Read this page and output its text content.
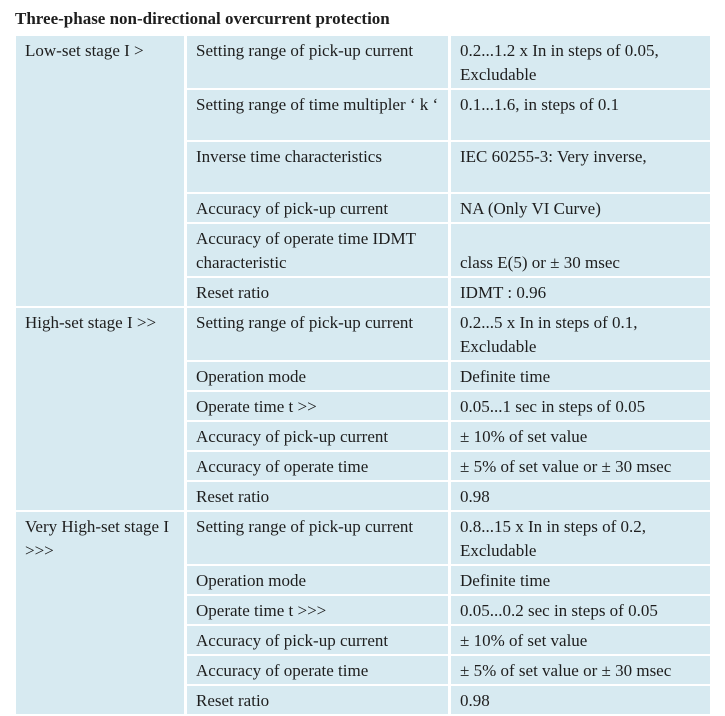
Three-phase non-directional overcurrent protection
Low-set stage I >	Setting range of pick-up current	0.2...1.2 x In in steps of 0.05, Excludable
	Setting range of time multipler ‘ k ‘	0.1...1.6, in steps of 0.1
	Inverse time characteristics	IEC 60255-3: Very inverse,
	Accuracy of pick-up current	NA (Only VI Curve)
	Accuracy of operate time IDMT characteristic	class E(5) or ± 30 msec
	Reset ratio	IDMT : 0.96
High-set stage I >>	Setting range of pick-up current	0.2...5 x In in steps of 0.1, Excludable
	Operation mode	Definite time
	Operate time t >>	0.05...1 sec in steps of 0.05
	Accuracy of pick-up current	± 10% of set value
	Accuracy of operate time	± 5% of set value or ± 30 msec
	Reset ratio	0.98
Very High-set stage I >>>	Setting range of pick-up current	0.8...15 x In in steps of 0.2, Excludable
	Operation mode	Definite time
	Operate time t >>>	0.05...0.2 sec in steps of 0.05
	Accuracy of pick-up current	± 10% of set value
	Accuracy of operate time	± 5% of set value or ± 30 msec
	Reset ratio	0.98
